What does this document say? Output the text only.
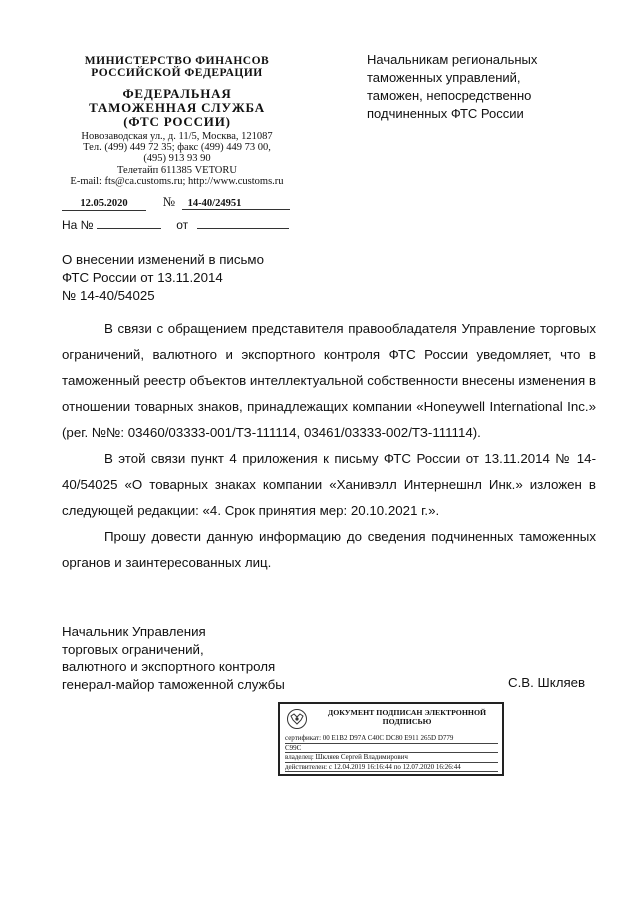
МИНИСТЕРСТВО ФИНАНСОВ
РОССИЙСКОЙ ФЕДЕРАЦИИ
ФЕДЕРАЛЬНАЯ
ТАМОЖЕННАЯ СЛУЖБА
(ФТС РОССИИ)
Новозаводская ул., д. 11/5, Москва, 121087
Тел. (499) 449 72 35; факс (499) 449 73 00,
(495) 913 93 90
Телетайп 611385 VETORU
E-mail: fts@ca.customs.ru; http://www.customs.ru
12.05.2020	№ 14-40/24951
На №	от
Начальникам региональных
таможенных управлений,
таможен, непосредственно
подчиненных ФТС России
О внесении изменений в письмо
ФТС России от 13.11.2014
№ 14-40/54025

В связи с обращением представителя правообладателя Управление торговых ограничений, валютного и экспортного контроля ФТС России уведомляет, что в таможенный реестр объектов интеллектуальной собственности внесены изменения в отношении товарных знаков, принадлежащих компании «Honeywell International Inc.» (рег. №№: 03460/03333-001/ТЗ-111114, 03461/03333-002/ТЗ-111114).

В этой связи пункт 4 приложения к письму ФТС России от 13.11.2014 № 14-40/54025 «О товарных знаках компании «Ханивэлл Интернешнл Инк.» изложен в следующей редакции: «4. Срок принятия мер: 20.10.2021 г.».

Прошу довести данную информацию до сведения подчиненных таможенных органов и заинтересованных лиц.

Начальник Управления
торговых ограничений,
валютного и экспортного контроля
генерал-майор таможенной службы	С.В. Шкляев
ДОКУМЕНТ ПОДПИСАН ЭЛЕКТРОННОЙ
ПОДПИСЬЮ
сертификат: 00 E1B2 D97A C40C DC80 E911 265D D779
C99C
владелец: Шкляев Сергей Владимирович
действителен: с 12.04.2019 16:16:44 по 12.07.2020 16:26:44
